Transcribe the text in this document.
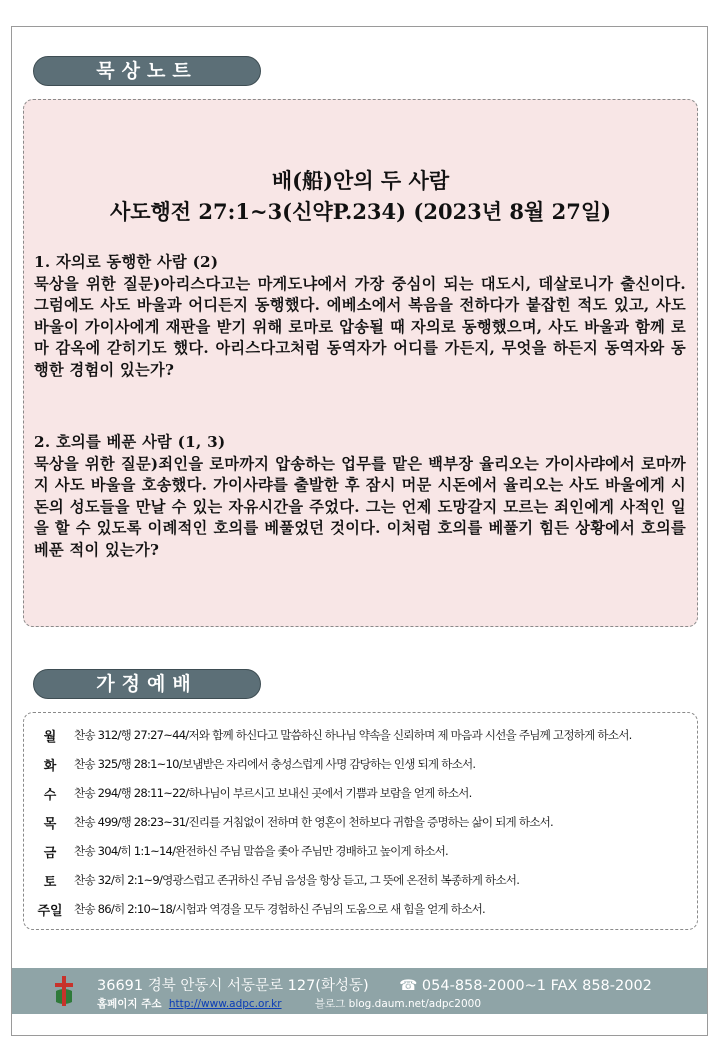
묵상노트
배(船)안의 두 사람
사도행전 27:1~3(신약P.234) (2023년 8월 27일)

1. 자의로 동행한 사람 (2)

묵상을 위한 질문)아리스다고는 마게도냐에서 가장 중심이 되는 대도시, 데살로니가 출신이다. 그럼에도 사도 바울과 어디든지 동행했다. 에베소에서 복음을 전하다가 붙잡힌 적도 있고, 사도 바울이 가이사에게 재판을 받기 위해 로마로 압송될 때 자의로 동행했으며, 사도 바울과 함께 로마 감옥에 갇히기도 했다. 아리스다고처럼 동역자가 어디를 가든지, 무엇을 하든지 동역자와 동행한 경험이 있는가?

2. 호의를 베푼 사람 (1, 3)

묵상을 위한 질문)죄인을 로마까지 압송하는 업무를 맡은 백부장 율리오는 가이사랴에서 로마까지 사도 바울을 호송했다. 가이사랴를 출발한 후 잠시 머문 시돈에서 율리오는 사도 바울에게 시돈의 성도들을 만날 수 있는 자유시간을 주었다. 그는 언제 도망갈지 모르는 죄인에게 사적인 일을 할 수 있도록 이례적인 호의를 베풀었던 것이다. 이처럼 호의를 베풀기 힘든 상황에서 호의를 베푼 적이 있는가?

가정예배
월	찬송 312/행 27:27~44/저와 함께 하신다고 말씀하신 하나님 약속을 신뢰하며 제 마음과 시선을 주님께 고정하게 하소서.
화	찬송 325/행 28:1~10/보냄받은 자리에서 충성스럽게 사명 감당하는 인생 되게 하소서.
수	찬송 294/행 28:11~22/하나님이 부르시고 보내신 곳에서 기쁨과 보람을 얻게 하소서.
목	찬송 499/행 28:23~31/진리를 거침없이 전하며 한 영혼이 천하보다 귀함을 증명하는 삶이 되게 하소서.
금	찬송 304/히 1:1~14/완전하신 주님 말씀을 좇아 주님만 경배하고 높이게 하소서.
토	찬송 32/히 2:1~9/영광스럽고 존귀하신 주님 음성을 항상 듣고, 그 뜻에 온전히 복종하게 하소서.
주일 찬송 86/히 2:10~18/시험과 역경을 모두 경험하신 주님의 도움으로 새 힘을 얻게 하소서.
36691 경북 안동시 서동문로 127(화성동) ☎ 054-858-2000~1 FAX 858-2002
홈페이지 주소 http://www.adpc.or.kr	블로그 blog.daum.net/adpc2000
